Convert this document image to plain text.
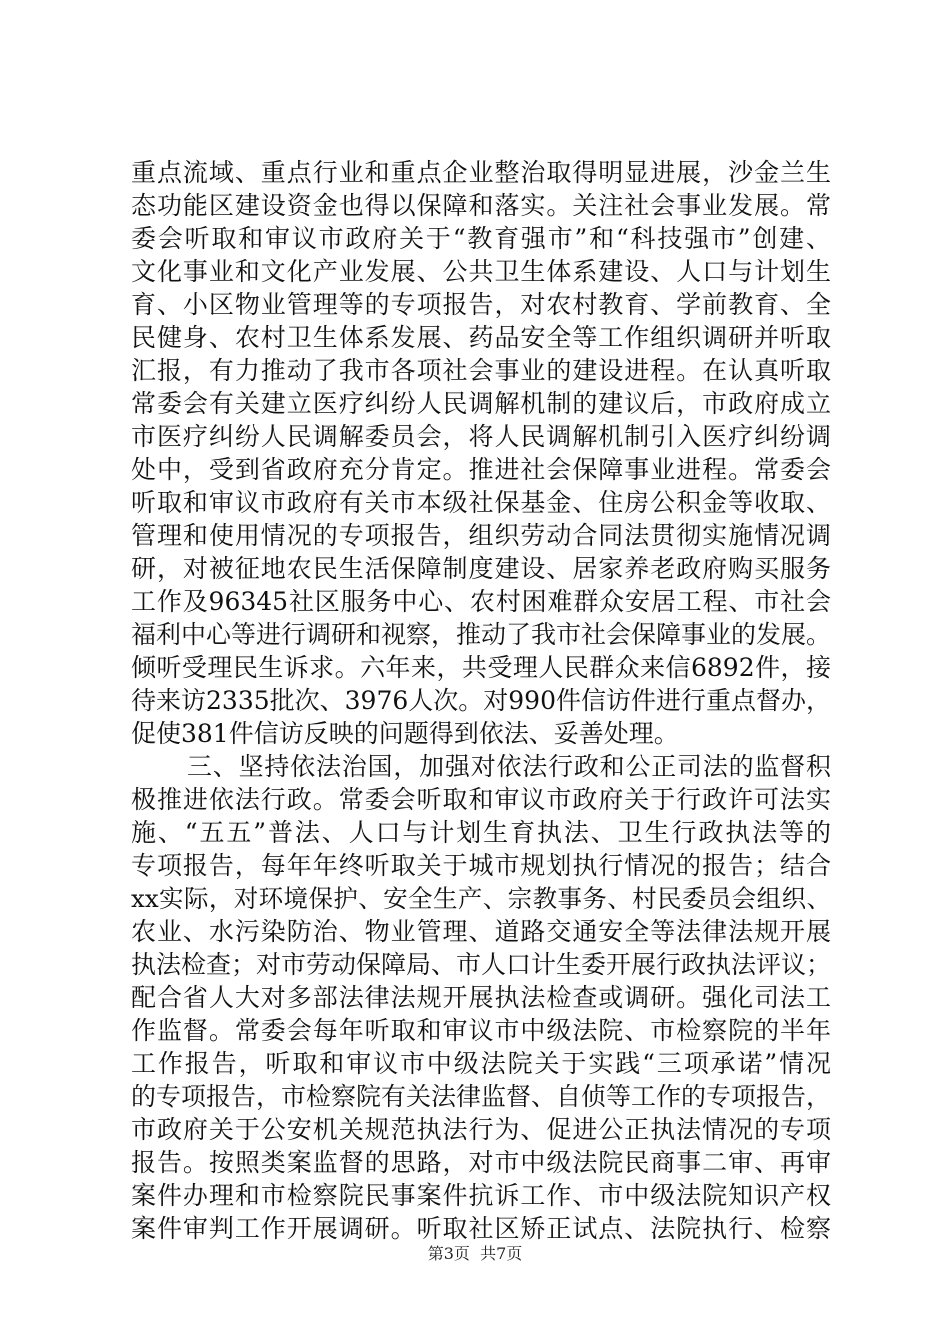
重点流域、重点行业和重点企业整治取得明显进展，沙金兰生
态功能区建设资金也得以保障和落实。关注社会事业发展。常
委会听取和审议市政府关于“教育强市”和“科技强市”创建、
文化事业和文化产业发展、公共卫生体系建设、人口与计划生
育、小区物业管理等的专项报告，对农村教育、学前教育、全
民健身、农村卫生体系发展、药品安全等工作组织调研并听取
汇报，有力推动了我市各项社会事业的建设进程。在认真听取
常委会有关建立医疗纠纷人民调解机制的建议后，市政府成立
市医疗纠纷人民调解委员会，将人民调解机制引入医疗纠纷调
处中，受到省政府充分肯定。推进社会保障事业进程。常委会
听取和审议市政府有关市本级社保基金、住房公积金等收取、
管理和使用情况的专项报告，组织劳动合同法贯彻实施情况调
研，对被征地农民生活保障制度建设、居家养老政府购买服务
工作及96345社区服务中心、农村困难群众安居工程、市社会
福利中心等进行调研和视察，推动了我市社会保障事业的发展。
倾听受理民生诉求。六年来，共受理人民群众来信6892件，接
待来访2335批次、3976人次。对990件信访件进行重点督办，
促使381件信访反映的问题得到依法、妥善处理。
三、坚持依法治国，加强对依法行政和公正司法的监督积
极推进依法行政。常委会听取和审议市政府关于行政许可法实
施、“五五”普法、人口与计划生育执法、卫生行政执法等的
专项报告，每年年终听取关于城市规划执行情况的报告；结合
xx实际，对环境保护、安全生产、宗教事务、村民委员会组织、
农业、水污染防治、物业管理、道路交通安全等法律法规开展
执法检查；对市劳动保障局、市人口计生委开展行政执法评议；
配合省人大对多部法律法规开展执法检查或调研。强化司法工
作监督。常委会每年听取和审议市中级法院、市检察院的半年
工作报告，听取和审议市中级法院关于实践“三项承诺”情况
的专项报告，市检察院有关法律监督、自侦等工作的专项报告，
市政府关于公安机关规范执法行为、促进公正执法情况的专项
报告。按照类案监督的思路，对市中级法院民商事二审、再审
案件办理和市检察院民事案件抗诉工作、市中级法院知识产权
案件审判工作开展调研。听取社区矫正试点、法院执行、检察
第3页 共7页
